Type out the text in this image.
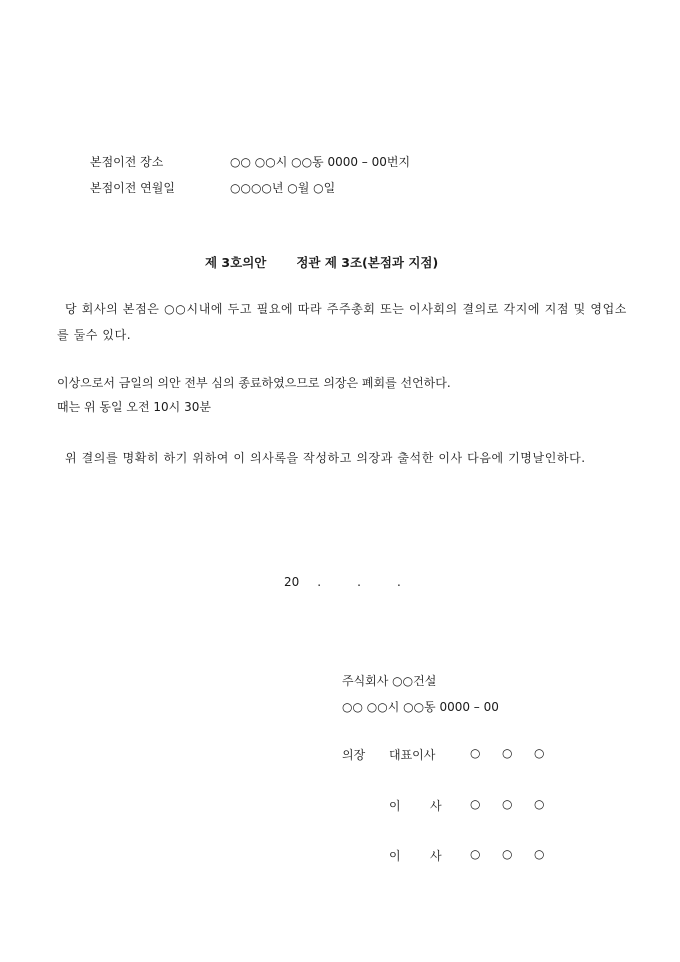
본점이전 장소	○○ ○○시 ○○동 0000 – 00번지
본점이전 연월일	○○○○년 ○월 ○일
제 3호의안 정관 제 3조(본점과 지점)
당 회사의 본점은 ○○시내에 두고 필요에 따라 주주총회 또는 이사회의 결의로 각지에 지점 및 영업소를 둘수 있다.
이상으로서 금일의 의안 전부 심의 종료하였으므로 의장은 폐회를 선언하다.
때는 위 동일 오전 10시 30분
위 결의를 명확히 하기 위하여 이 의사록을 작성하고 의장과 출석한 이사 다음에 기명날인하다.
20 .	.	.
주식회사 ○○건설
○○ ○○시 ○○동 0000 – 00
의장 대표이사	○ ○ ○
이 사 ○ ○ ○
이 사 ○ ○ ○
